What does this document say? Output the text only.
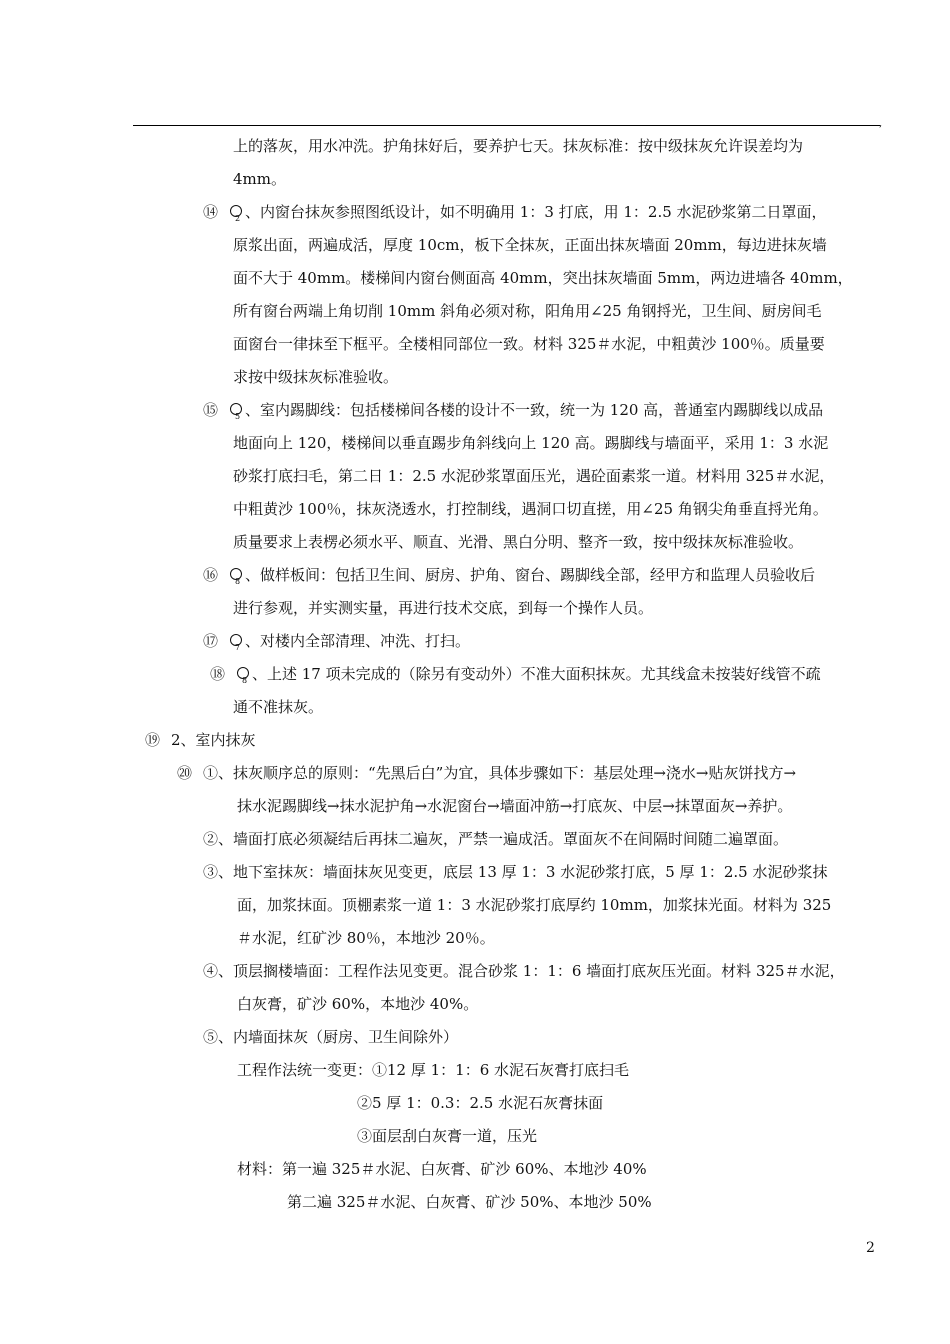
,
上的落灰，用水冲洗。护角抹好后，要养护七天。抹灰标准：按中级抹灰允许误差均为
4mm。
⑭ 2 、内窗台抹灰参照图纸设计，如不明确用 1：3 打底，用 1：2.5 水泥砂浆第二日罩面，
原浆出面，两遍成活，厚度 10cm，板下全抹灰，正面出抹灰墙面 20mm，每边进抹灰墙
面不大于 40mm。楼梯间内窗台侧面高 40mm，突出抹灰墙面 5mm，两边进墙各 40mm，
所有窗台两端上角切削 10mm 斜角必须对称，阳角用∠25 角钢捋光，卫生间、厨房间毛
面窗台一律抹至下框平。全楼相同部位一致。材料 325＃水泥，中粗黄沙 100％。质量要
求按中级抹灰标准验收。
⑮ 5 、室内踢脚线：包括楼梯间各楼的设计不一致，统一为 120 高，普通室内踢脚线以成品
地面向上 120，楼梯间以垂直踢步角斜线向上 120 高。踢脚线与墙面平，采用 1：3 水泥
砂浆打底扫毛，第二日 1：2.5 水泥砂浆罩面压光，遇砼面素浆一道。材料用 325＃水泥，
中粗黄沙 100％，抹灰浇透水，打控制线，遇洞口切直搓，用∠25 角钢尖角垂直捋光角。
质量要求上表楞必须水平、顺直、光滑、黑白分明、整齐一致，按中级抹灰标准验收。
⑯ 8 、做样板间：包括卫生间、厨房、护角、窗台、踢脚线全部，经甲方和监理人员验收后
进行参观，并实测实量，再进行技术交底，到每一个操作人员。
⑰ 7 、对楼内全部清理、冲洗、打扫。
⑱ 8 、上述 17 项未完成的（除另有变动外）不准大面积抹灰。尤其线盒未按装好线管不疏
通不准抹灰。
⑲ 2、室内抹灰
⑳ ①、抹灰顺序总的原则：“先黑后白”为宜，具体步骤如下：基层处理→浇水→贴灰饼找方→
抹水泥踢脚线→抹水泥护角→水泥窗台→墙面冲筋→打底灰、中层→抹罩面灰→养护。
②、墙面打底必须凝结后再抹二遍灰，严禁一遍成活。罩面灰不在间隔时间随二遍罩面。
③、地下室抹灰：墙面抹灰见变更，底层 13 厚 1：3 水泥砂浆打底，5 厚 1：2.5 水泥砂浆抹
面，加浆抹面。顶棚素浆一道 1：3 水泥砂浆打底厚约 10mm，加浆抹光面。材料为 325
＃水泥，红矿沙 80％，本地沙 20％。
④、顶层搁楼墙面：工程作法见变更。混合砂浆 1：1：6 墙面打底灰压光面。材料 325＃水泥，
白灰膏，矿沙 60%，本地沙 40%。
⑤、内墙面抹灰（厨房、卫生间除外）
工程作法统一变更：①12 厚 1：1：6 水泥石灰膏打底扫毛
②5 厚 1：0.3：2.5 水泥石灰膏抹面
③面层刮白灰膏一道，压光
材料：第一遍 325＃水泥、白灰膏、矿沙 60%、本地沙 40%
第二遍 325＃水泥、白灰膏、矿沙 50%、本地沙 50%
2
